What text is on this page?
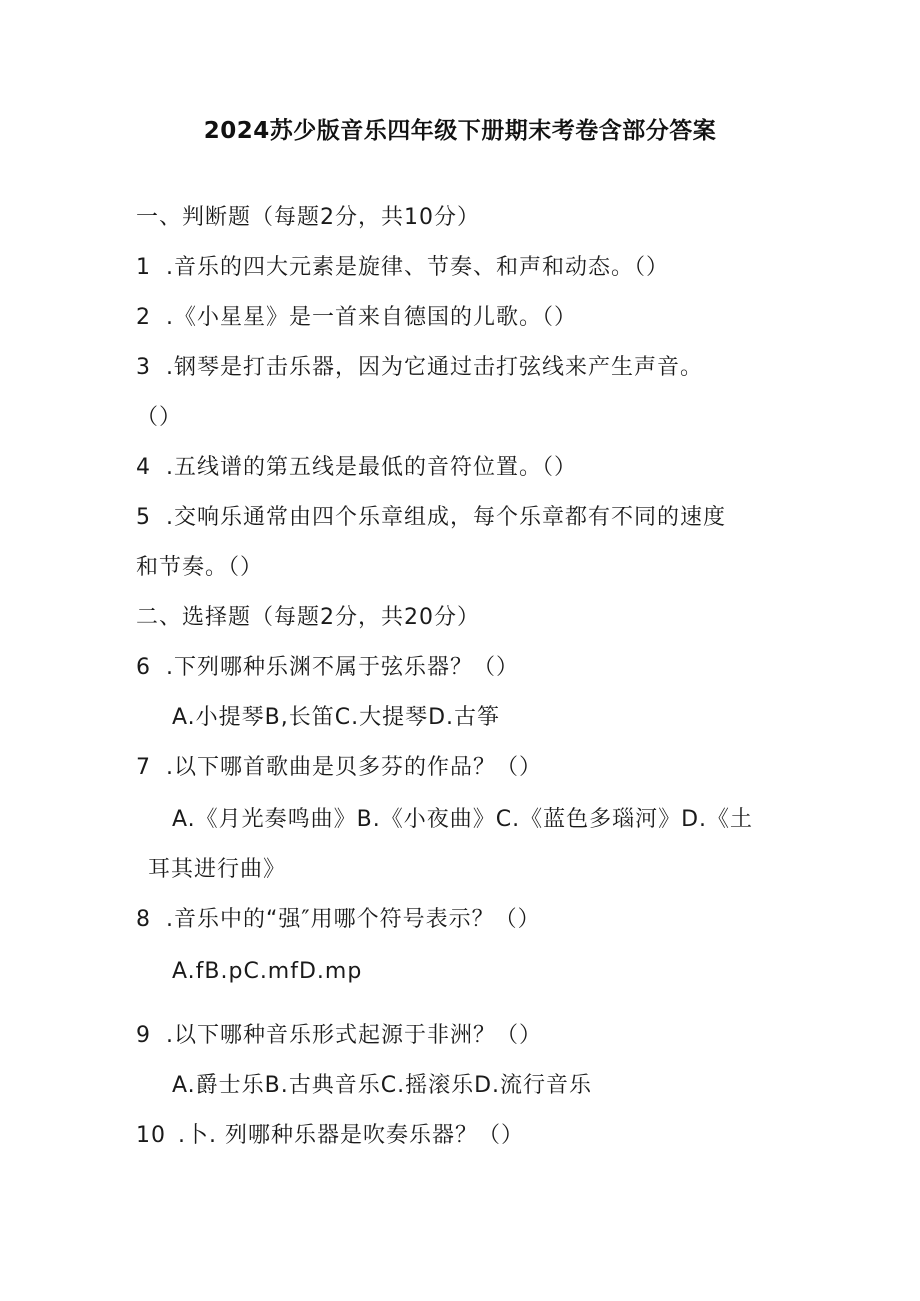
2024苏少版音乐四年级下册期末考卷含部分答案
一、判断题（每题2分，共10分）
1 .音乐的四大元素是旋律、节奏、和声和动态。（）
2 .《小星星》是一首来自德国的儿歌。（）
3 .钢琴是打击乐器，因为它通过击打弦线来产生声音。
（）
4 .五线谱的第五线是最低的音符位置。（）
5 .交响乐通常由四个乐章组成，每个乐章都有不同的速度
和节奏。（）
二、选择题（每题2分，共20分）
6 .下列哪种乐渊不属于弦乐器？（）
A.小提琴B,长笛C.大提琴D.古筝
7 .以下哪首歌曲是贝多芬的作品？（）
A.《月光奏鸣曲》B.《小夜曲》C.《蓝色多瑙河》D.《土
耳其进行曲》
8 .音乐中的“强″用哪个符号表示？（）
A.fB.pC.mfD.mp
9 .以下哪种音乐形式起源于非洲？（）
A.爵士乐B.古典音乐C.摇滚乐D.流行音乐
10 .卜. 列哪种乐器是吹奏乐器？（）
